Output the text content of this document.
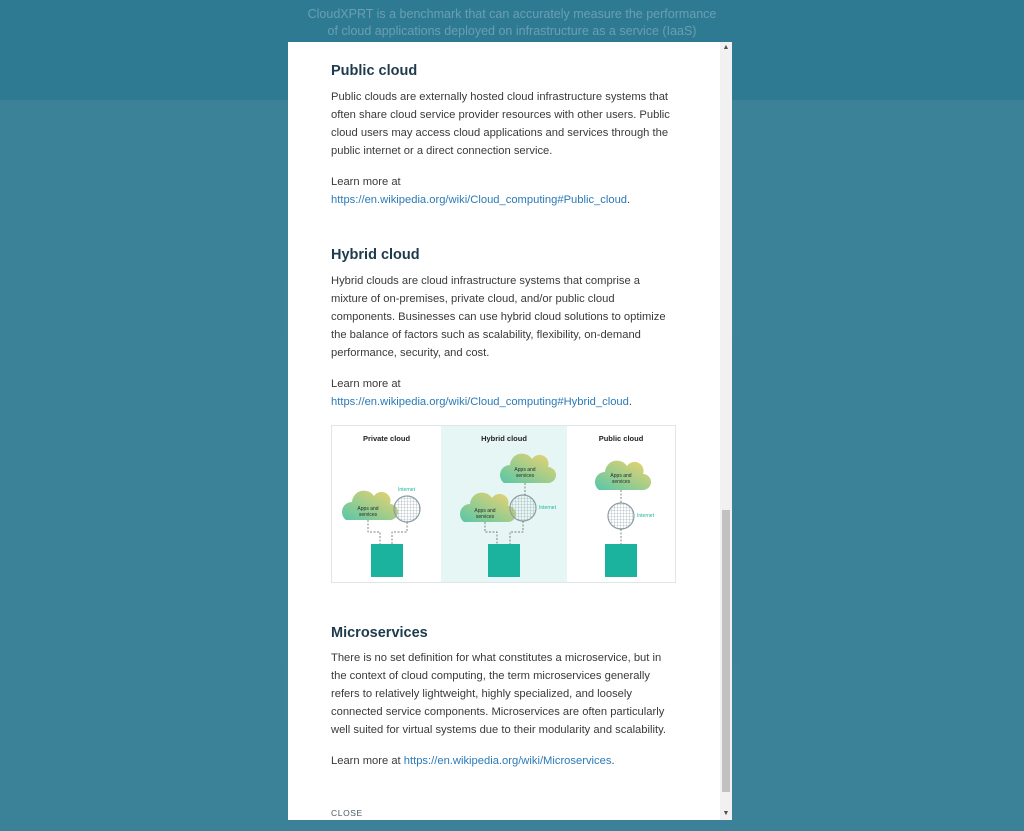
CloudXPRT is a benchmark that can accurately measure the performance
of cloud applications deployed on infrastructure as a service (IaaS)
Public cloud
Public clouds are externally hosted cloud infrastructure systems that
often share cloud service provider resources with other users. Public
cloud users may access cloud applications and services through the
public internet or a direct connection service.
Learn more at
https://en.wikipedia.org/wiki/Cloud_computing#Public_cloud.
Hybrid cloud
Hybrid clouds are cloud infrastructure systems that comprise a
mixture of on-premises, private cloud, and/or public cloud
components. Businesses can use hybrid cloud solutions to optimize
the balance of factors such as scalability, flexibility, on-demand
performance, security, and cost.
Learn more at
https://en.wikipedia.org/wiki/Cloud_computing#Hybrid_cloud.
Microservices
There is no set definition for what constitutes a microservice, but in
the context of cloud computing, the term microservices generally
refers to relatively lightweight, highly specialized, and loosely
connected service components. Microservices are often particularly
well suited for virtual systems due to their modularity and scalability.
Learn more at https://en.wikipedia.org/wiki/Microservices.
Private cloud	Hybrid cloud	Public cloud
Apps and
services
Internet
Apps and
services
Apps and
services
Internet
Apps and
services
Internet
CLOSE
▲
▼
